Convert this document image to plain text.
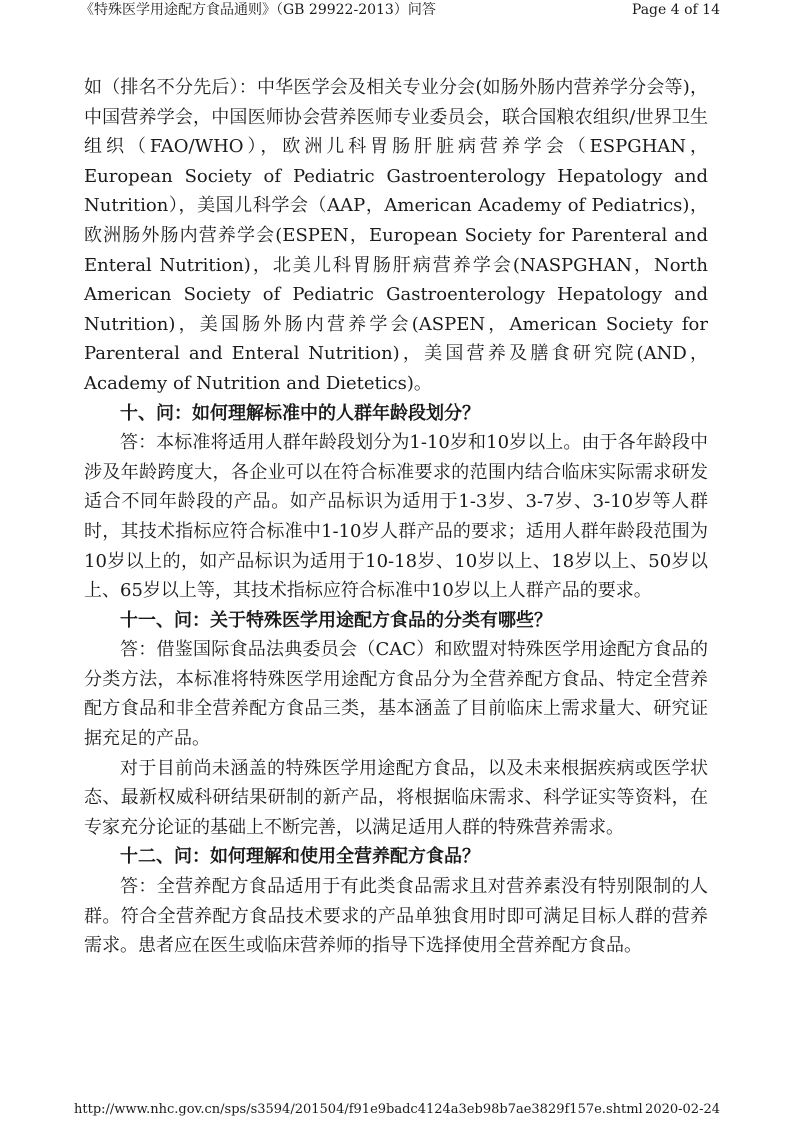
《特殊医学用途配方食品通则》（GB 29922-2013）问答	Page 4 of 14

如（排名不分先后）：中华医学会及相关专业分会(如肠外肠内营养学分会等)，中国营养学会，中国医师协会营养医师专业委员会，联合国粮农组织/世界卫生组织（FAO/WHO），欧洲儿科胃肠肝脏病营养学会（ESPGHAN，European Society of Pediatric Gastroenterology Hepatology and Nutrition），美国儿科学会（AAP，American Academy of Pediatrics)，欧洲肠外肠内营养学会(ESPEN，European Society for Parenteral and Enteral Nutrition)，北美儿科胃肠肝病营养学会(NASPGHAN，North American Society of Pediatric Gastroenterology Hepatology and Nutrition)，美国肠外肠内营养学会(ASPEN，American Society for Parenteral and Enteral Nutrition)，美国营养及膳食研究院(AND，Academy of Nutrition and Dietetics)。

十、问：如何理解标准中的人群年龄段划分？

答：本标准将适用人群年龄段划分为1-10岁和10岁以上。由于各年龄段中涉及年龄跨度大，各企业可以在符合标准要求的范围内结合临床实际需求研发适合不同年龄段的产品。如产品标识为适用于1-3岁、3-7岁、3-10岁等人群时，其技术指标应符合标准中1-10岁人群产品的要求；适用人群年龄段范围为10岁以上的，如产品标识为适用于10-18岁、10岁以上、18岁以上、50岁以上、65岁以上等，其技术指标应符合标准中10岁以上人群产品的要求。

十一、问：关于特殊医学用途配方食品的分类有哪些？

答：借鉴国际食品法典委员会（CAC）和欧盟对特殊医学用途配方食品的分类方法，本标准将特殊医学用途配方食品分为全营养配方食品、特定全营养配方食品和非全营养配方食品三类，基本涵盖了目前临床上需求量大、研究证据充足的产品。

对于目前尚未涵盖的特殊医学用途配方食品，以及未来根据疾病或医学状态、最新权威科研结果研制的新产品，将根据临床需求、科学证实等资料，在专家充分论证的基础上不断完善，以满足适用人群的特殊营养需求。

十二、问：如何理解和使用全营养配方食品？

答：全营养配方食品适用于有此类食品需求且对营养素没有特别限制的人群。符合全营养配方食品技术要求的产品单独食用时即可满足目标人群的营养需求。患者应在医生或临床营养师的指导下选择使用全营养配方食品。

http://www.nhc.gov.cn/sps/s3594/201504/f91e9badc4124a3eb98b7ae3829f157e.shtml 2020-02-24
